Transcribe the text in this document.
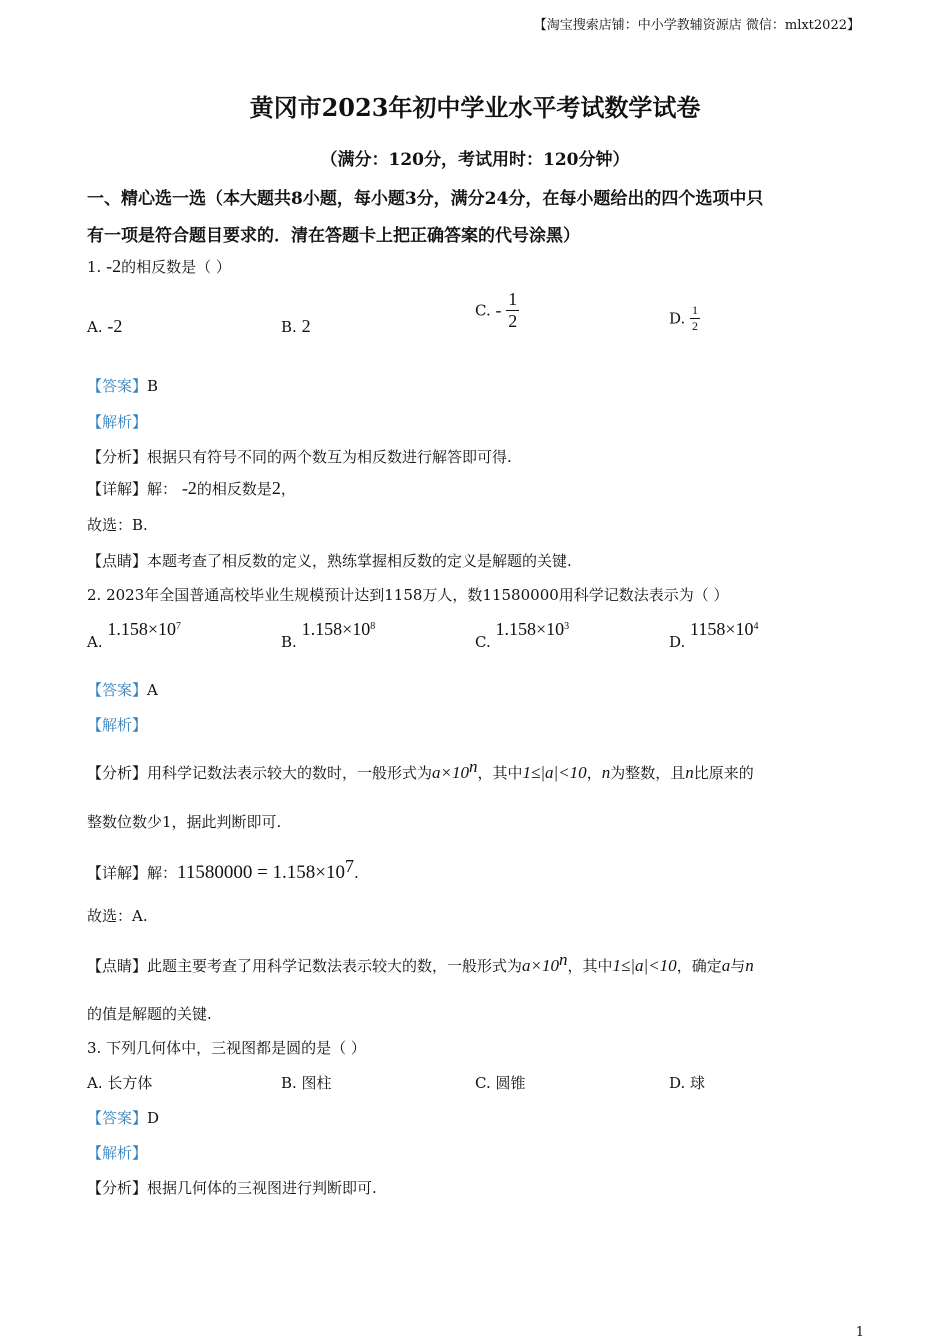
【淘宝搜索店铺：中小学教辅资源店 微信：mlxt2022】
黄冈市2023年初中学业水平考试数学试卷
（满分：120分，考试用时：120分钟）
一、精心选一选（本大题共8小题，每小题3分，满分24分，在每小题给出的四个选项中只
有一项是符合题目要求的．清在答题卡上把正确答案的代号涂黑）
1. -2的相反数是（ ）
A. -2	B. 2
C. - $\frac{1}{2}$	D. $\frac{1}{2}$
【答案】B
【解析】
【分析】根据只有符号不同的两个数互为相反数进行解答即可得.
【详解】解： -2的相反数是2，
故选：B.
【点睛】本题考查了相反数的定义，熟练掌握相反数的定义是解题的关键.
2. 2023年全国普通高校毕业生规模预计达到1158万人，数11580000用科学记数法表示为（ ）
A. $1.158\times 10^7$
B. $1.158\times 10^8$
C. $1.158\times 10^3$
D. $1158\times 10^4$
【答案】A
【解析】
【分析】用科学记数法表示较大的数时，一般形式为$a\times 10^n$，其中1≤|a|<10，n为整数，且n比原来的
整数位数少1，据此判断即可.
【详解】解：$11580000 = 1.158\times 10^7$.
故选：A.
【点睛】此题主要考查了用科学记数法表示较大的数，一般形式为$a\times 10^n$，其中1≤|a|<10，确定a与n
的值是解题的关键.
3. 下列几何体中，三视图都是圆的是（ ）
A. 长方体	B. 图柱	C. 圆锥	D. 球
【答案】D
【解析】
【分析】根据几何体的三视图进行判断即可.
1
